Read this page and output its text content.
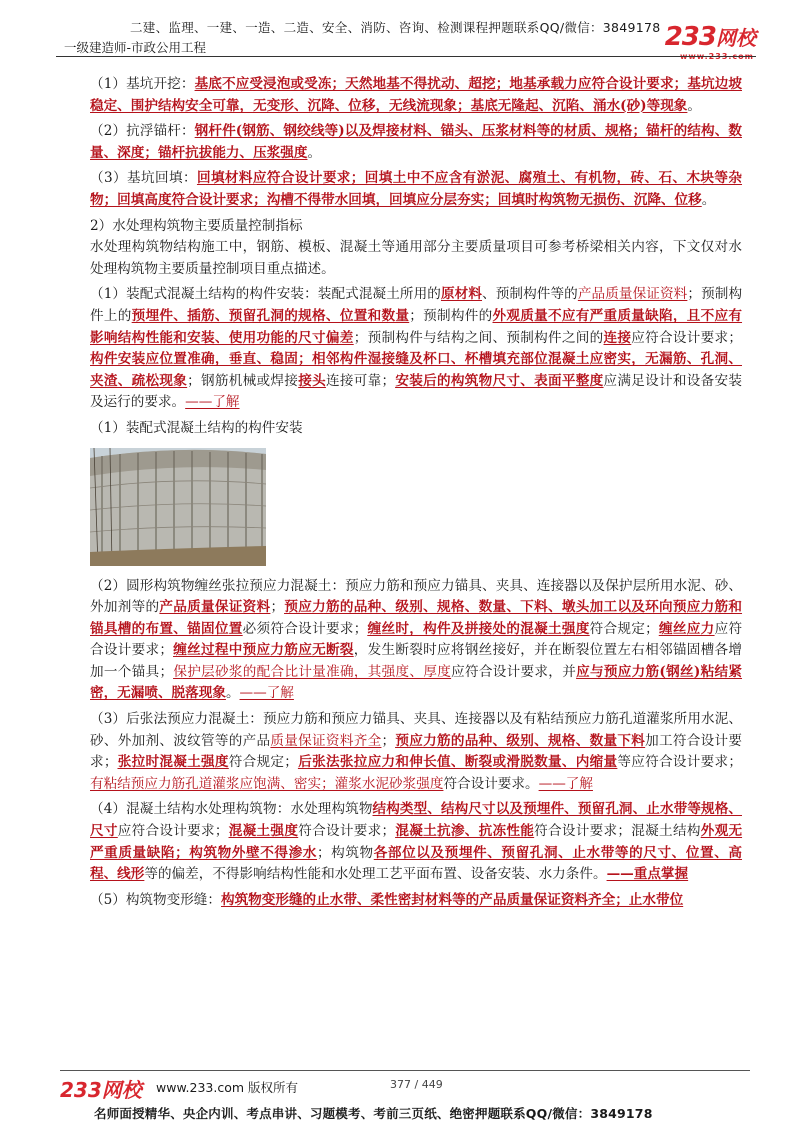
二建、监理、一建、一造、二造、安全、消防、咨询、检测课程押题联系QQ/微信：3849178
一级建造师-市政公用工程	233网校

（1）基坑开挖：基底不应受浸泡或受冻；天然地基不得扰动、超挖；地基承载力应符合设计要求；基坑边坡稳定、围护结构安全可靠，无变形、沉降、位移，无线流现象；基底无隆起、沉陷、涌水(砂)等现象。

（2）抗浮锚杆：钢杆件(钢筋、钢绞线等)以及焊接材料、锚头、压浆材料等的材质、规格；锚杆的结构、数量、深度；锚杆抗拔能力、压浆强度。

（3）基坑回填：回填材料应符合设计要求；回填土中不应含有淤泥、腐殖土、有机物，砖、石、木块等杂物；回填高度符合设计要求；沟槽不得带水回填，回填应分层夯实；回填时构筑物无损伤、沉降、位移。

2）水处理构筑物主要质量控制指标

水处理构筑物结构施工中，钢筋、模板、混凝土等通用部分主要质量项目可参考桥梁相关内容，下文仅对水处理构筑物主要质量控制项目重点描述。

（1）装配式混凝土结构的构件安装：装配式混凝土所用的原材料、预制构件等的产品质量保证资料；预制构件上的预埋件、插筋、预留孔洞的规格、位置和数量；预制构件的外观质量不应有严重质量缺陷，且不应有影响结构性能和安装、使用功能的尺寸偏差；预制构件与结构之间、预制构件之间的连接应符合设计要求；构件安装应位置准确，垂直、稳固；相邻构件湿接缝及杯口、杯槽填充部位混凝土应密实，无漏筋、孔洞、夹渣、疏松现象；钢筋机械或焊接接头连接可靠；安装后的构筑物尺寸、表面平整度应满足设计和设备安装及运行的要求。——了解

（1）装配式混凝土结构的构件安装

（2）圆形构筑物缠丝张拉预应力混凝土：预应力筋和预应力锚具、夹具、连接器以及保护层所用水泥、砂、外加剂等的产品质量保证资料；预应力筋的品种、级别、规格、数量、下料、墩头加工以及环向预应力筋和锚具槽的布置、锚固位置必须符合设计要求；缠丝时，构件及拼接处的混凝土强度符合规定；缠丝应力应符合设计要求；缠丝过程中预应力筋应无断裂，发生断裂时应将钢丝接好，并在断裂位置左右相邻锚固槽各增加一个锚具；保护层砂浆的配合比计量准确，其强度、厚度应符合设计要求，并应与预应力筋(钢丝)粘结紧密，无漏喷、脱落现象。——了解

（3）后张法预应力混凝土：预应力筋和预应力锚具、夹具、连接器以及有粘结预应力筋孔道灌浆所用水泥、砂、外加剂、波纹管等的产品质量保证资料齐全；预应力筋的品种、级别、规格、数量下料加工符合设计要求；张拉时混凝土强度符合规定；后张法张拉应力和伸长值、断裂或滑脱数量、内缩量等应符合设计要求；有粘结预应力筋孔道灌浆应饱满、密实；灌浆水泥砂浆强度符合设计要求。——了解

（4）混凝土结构水处理构筑物：水处理构筑物结构类型、结构尺寸以及预埋件、预留孔洞、止水带等规格、尺寸应符合设计要求；混凝土强度符合设计要求；混凝土抗渗、抗冻性能符合设计要求；混凝土结构外观无严重质量缺陷；构筑物外壁不得渗水；构筑物各部位以及预埋件、预留孔洞、止水带等的尺寸、位置、高程、线形等的偏差，不得影响结构性能和水处理工艺平面布置、设备安装、水力条件。——重点掌握

（5）构筑物变形缝：构筑物变形缝的止水带、柔性密封材料等的产品质量保证资料齐全；止水带位

233网校 www.233.com 版权所有	377 / 449
名师面授精华、央企内训、考点串讲、习题模考、考前三页纸、绝密押题联系QQ/微信：3849178
